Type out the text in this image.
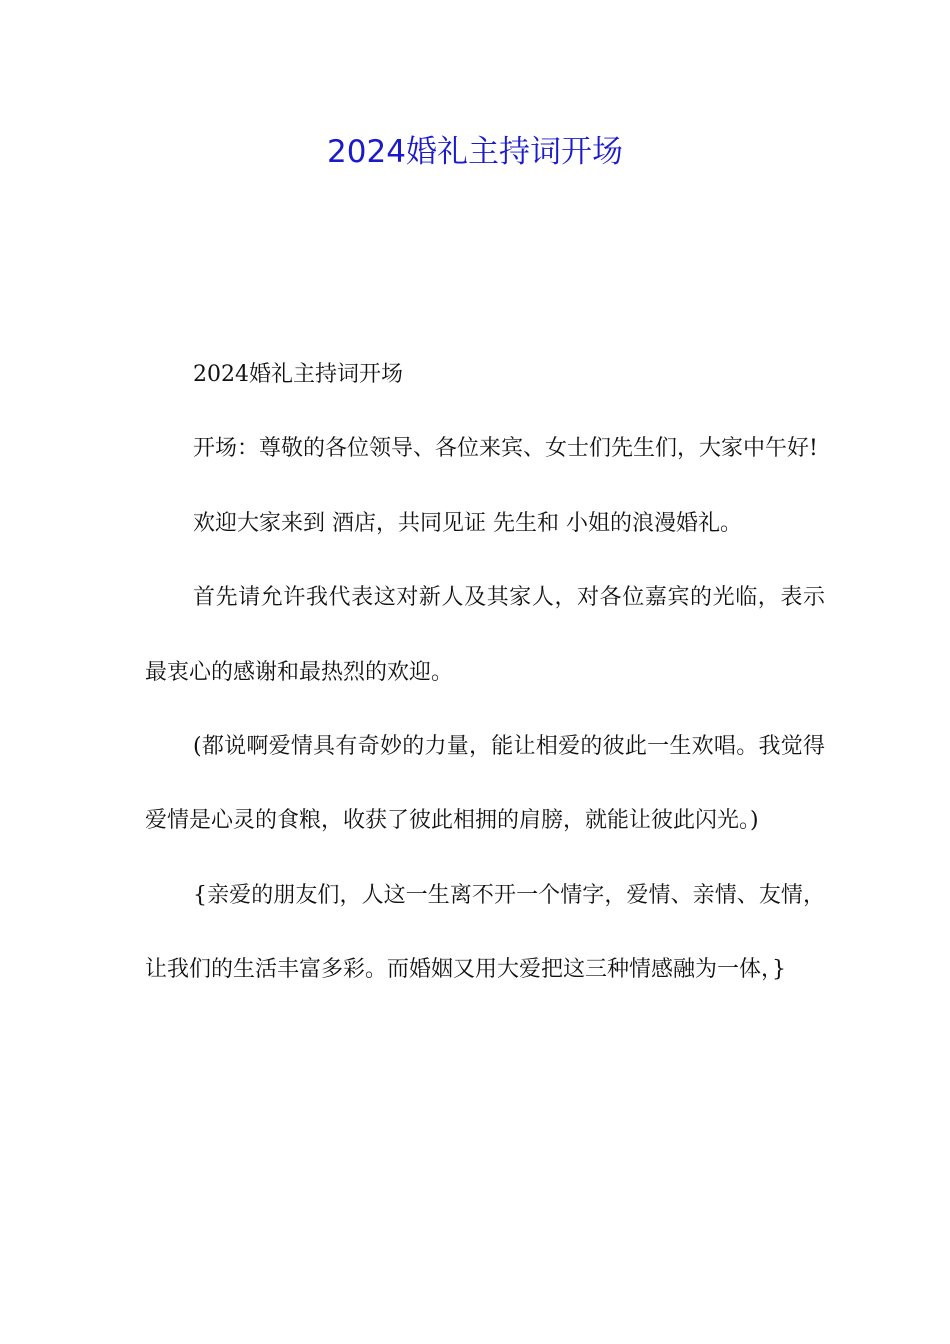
2024婚礼主持词开场

2024婚礼主持词开场

开场：尊敬的各位领导、各位来宾、女士们先生们，大家中午好!

欢迎大家来到 酒店，共同见证 先生和 小姐的浪漫婚礼。

首先请允许我代表这对新人及其家人，对各位嘉宾的光临，表示最衷心的感谢和最热烈的欢迎。

(都说啊爱情具有奇妙的力量，能让相爱的彼此一生欢唱。我觉得爱情是心灵的食粮，收获了彼此相拥的肩膀，就能让彼此闪光。)

{亲爱的朋友们，人这一生离不开一个情字，爱情、亲情、友情，让我们的生活丰富多彩。而婚姻又用大爱把这三种情感融为一体，}
